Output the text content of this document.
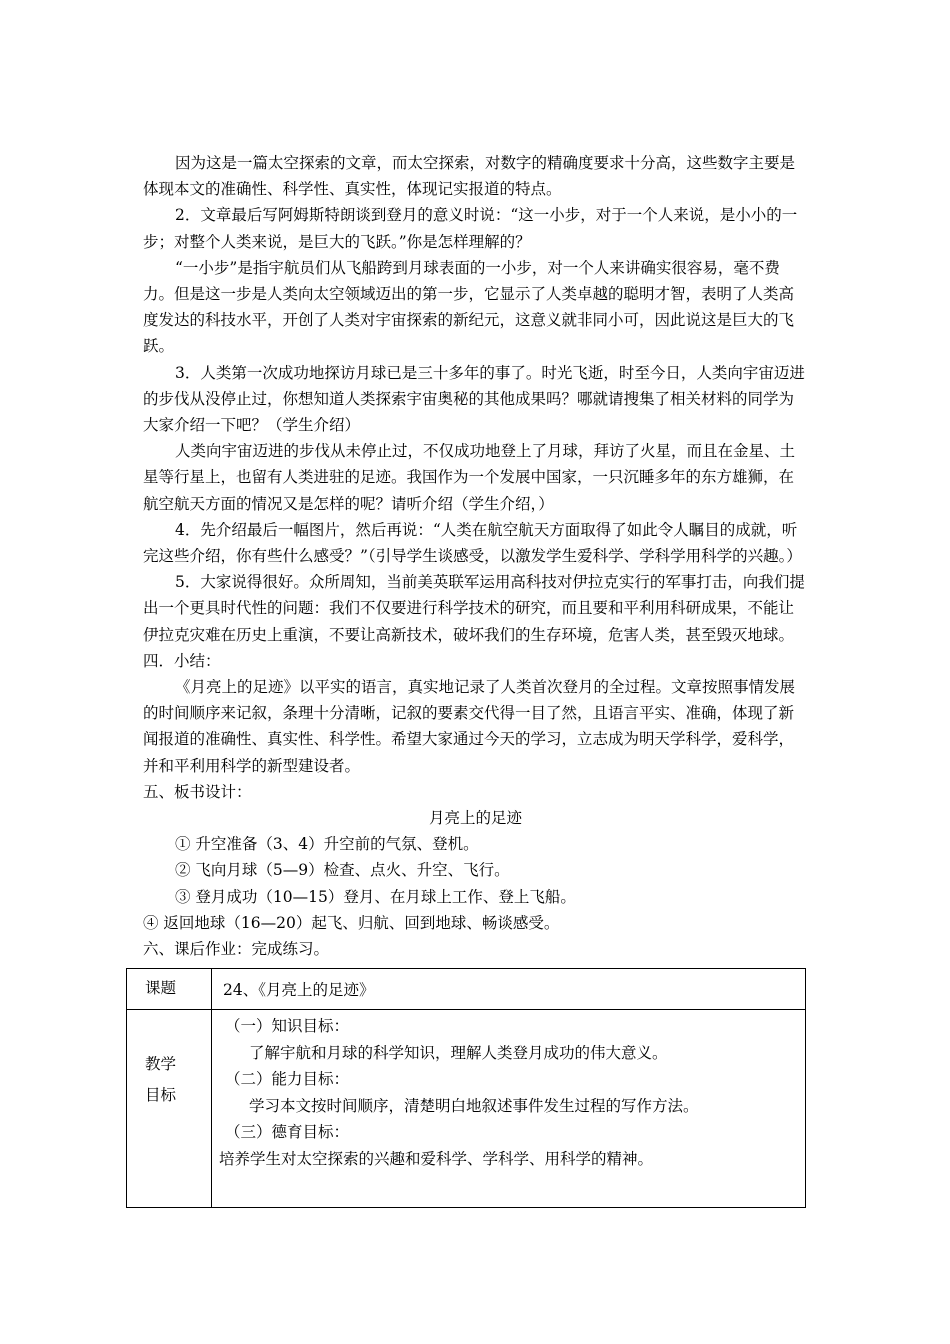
因为这是一篇太空探索的文章，而太空探索，对数字的精确度要求十分高，这些数字主要是体现本文的准确性、科学性、真实性，体现记实报道的特点。

2．文章最后写阿姆斯特朗谈到登月的意义时说：“这一小步，对于一个人来说，是小小的一步；对整个人类来说，是巨大的飞跃。”你是怎样理解的？

“一小步”是指宇航员们从飞船跨到月球表面的一小步，对一个人来讲确实很容易，毫不费力。但是这一步是人类向太空领域迈出的第一步，它显示了人类卓越的聪明才智，表明了人类高度发达的科技水平，开创了人类对宇宙探索的新纪元，这意义就非同小可，因此说这是巨大的飞跃。

3．人类第一次成功地探访月球已是三十多年的事了。时光飞逝，时至今日，人类向宇宙迈进的步伐从没停止过，你想知道人类探索宇宙奥秘的其他成果吗？哪就请搜集了相关材料的同学为大家介绍一下吧？（学生介绍）

人类向宇宙迈进的步伐从未停止过，不仅成功地登上了月球，拜访了火星，而且在金星、土星等行星上，也留有人类进驻的足迹。我国作为一个发展中国家，一只沉睡多年的东方雄狮，在航空航天方面的情况又是怎样的呢？请听介绍（学生介绍，）

4．先介绍最后一幅图片，然后再说：“人类在航空航天方面取得了如此令人瞩目的成就，听完这些介绍，你有些什么感受？”（引导学生谈感受，以激发学生爱科学、学科学用科学的兴趣。）

5．大家说得很好。众所周知，当前美英联军运用高科技对伊拉克实行的军事打击，向我们提出一个更具时代性的问题：我们不仅要进行科学技术的研究，而且要和平利用科研成果，不能让伊拉克灾难在历史上重演，不要让高新技术，破坏我们的生存环境，危害人类，甚至毁灭地球。

四．小结：

《月亮上的足迹》以平实的语言，真实地记录了人类首次登月的全过程。文章按照事情发展的时间顺序来记叙，条理十分清晰，记叙的要素交代得一目了然，且语言平实、准确，体现了新闻报道的准确性、真实性、科学性。希望大家通过今天的学习，立志成为明天学科学，爱科学，并和平利用科学的新型建设者。

五、板书设计：

月亮上的足迹

① 升空准备（3、4）升空前的气氛、登机。

② 飞向月球（5—9）检查、点火、升空、飞行。

③ 登月成功（10—15）登月、在月球上工作、登上飞船。

④ 返回地球（16—20）起飞、归航、回到地球、畅谈感受。

六、课后作业：完成练习。

课题	24、《月亮上的足迹》
教学
目标
（一）知识目标：
了解宇航和月球的科学知识，理解人类登月成功的伟大意义。
（二）能力目标：
学习本文按时间顺序，清楚明白地叙述事件发生过程的写作方法。
（三）德育目标：
培养学生对太空探索的兴趣和爱科学、学科学、用科学的精神。
